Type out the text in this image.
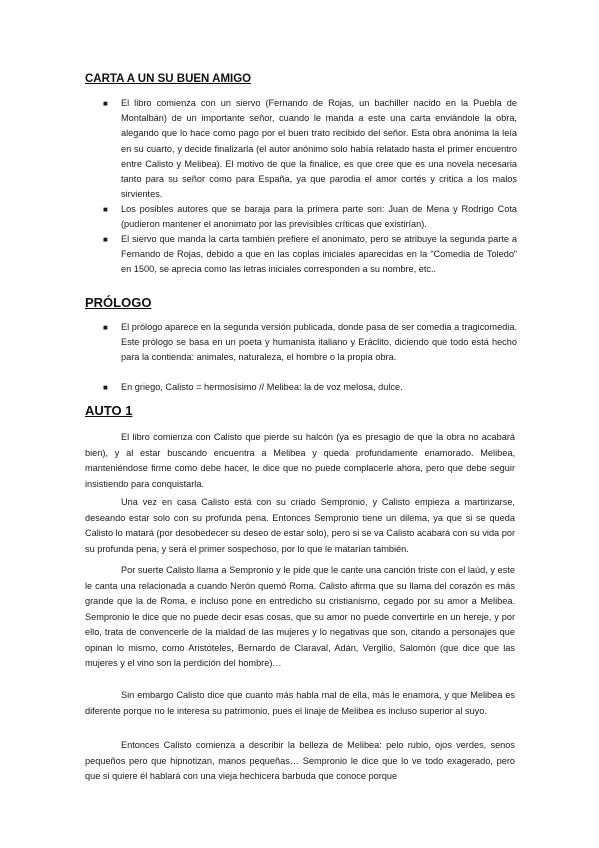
CARTA A UN SU BUEN AMIGO
■ El libro comienza con un siervo (Fernando de Rojas, un bachiller nacido en la Puebla de Montalbán) de un importante señor, cuando le manda a este una carta enviándole la obra, alegando que lo hace como pago por el buen trato recibido del señor. Esta obra anónima la leía en su cuarto, y decide finalizarla (el autor anónimo solo había relatado hasta el primer encuentro entre Calisto y Melibea). El motivo de que la finalice, es que cree que es una novela necesaria tanto para su señor como para España, ya que parodia el amor cortés y critica a los malos sirvientes.
■ Los posibles autores que se baraja para la primera parte son: Juan de Mena y Rodrigo Cota (pudieron mantener el anonimato por las previsibles críticas que existirían).
■ El siervo que manda la carta también prefiere el anonimato, pero se atribuye la segunda parte a Fernando de Rojas, debido a que en las coplas iniciales aparecidas en la “Comedia de Toledo” en 1500, se aprecia como las letras iniciales corresponden a su nombre, etc..
PRÓLOGO
■ El prólogo aparece en la segunda versión publicada, donde pasa de ser comedia a tragicomedia. Este prólogo se basa en un poeta y humanista italiano y Eráclito, diciendo que todo está hecho para la contienda: animales, naturaleza, el hombre o la propia obra.
■ En griego, Calisto = hermosísimo // Melibea: la de voz melosa, dulce.
AUTO 1

El libro comienza con Calisto que pierde su halcón (ya es presagio de que la obra no acabará bien), y al estar buscando encuentra a Melibea y queda profundamente enamorado. Melibea, manteniéndose firme como debe hacer, le dice que no puede complacerle ahora, pero que debe seguir insistiendo para conquistarla.

Una vez en casa Calisto está con su criado Sempronio, y Calisto empieza a martirizarse, deseando estar solo con su profunda pena. Entonces Sempronio tiene un dilema, ya que si se queda Calisto lo matará (por desobedecer su deseo de estar solo), pero si se va Calisto acabará con su vida por su profunda pena, y será el primer sospechoso, por lo que le matarían también.

Por suerte Calisto llama a Sempronio y le pide que le cante una canción triste con el laúd, y este le canta una relacionada a cuando Nerón quemó Roma. Calisto afirma que su llama del corazón es más grande que la de Roma, e incluso pone en entredicho su cristianismo, cegado por su amor a Melibea. Sempronio le dice que no puede decir esas cosas, que su amor no puede convertirle en un hereje, y por ello, trata de convencerle de la maldad de las mujeres y lo negativas que son, citando a personajes que opinan lo mismo, como Aristóteles, Bernardo de Claraval, Adán, Vergilio, Salomón (que dice que las mujeres y el vino son la perdición del hombre)…

Sin embargo Calisto dice que cuanto más habla mal de ella, más le enamora, y que Melibea es diferente porque no le interesa su patrimonio, pues el linaje de Melibea es incluso superior al suyo.

Entonces Calisto comienza a describir la belleza de Melibea: pelo rubio, ojos verdes, senos pequeños pero que hipnotizan, manos pequeñas… Sempronio le dice que lo ve todo exagerado, pero que si quiere él hablará con una vieja hechicera barbuda que conoce porque
